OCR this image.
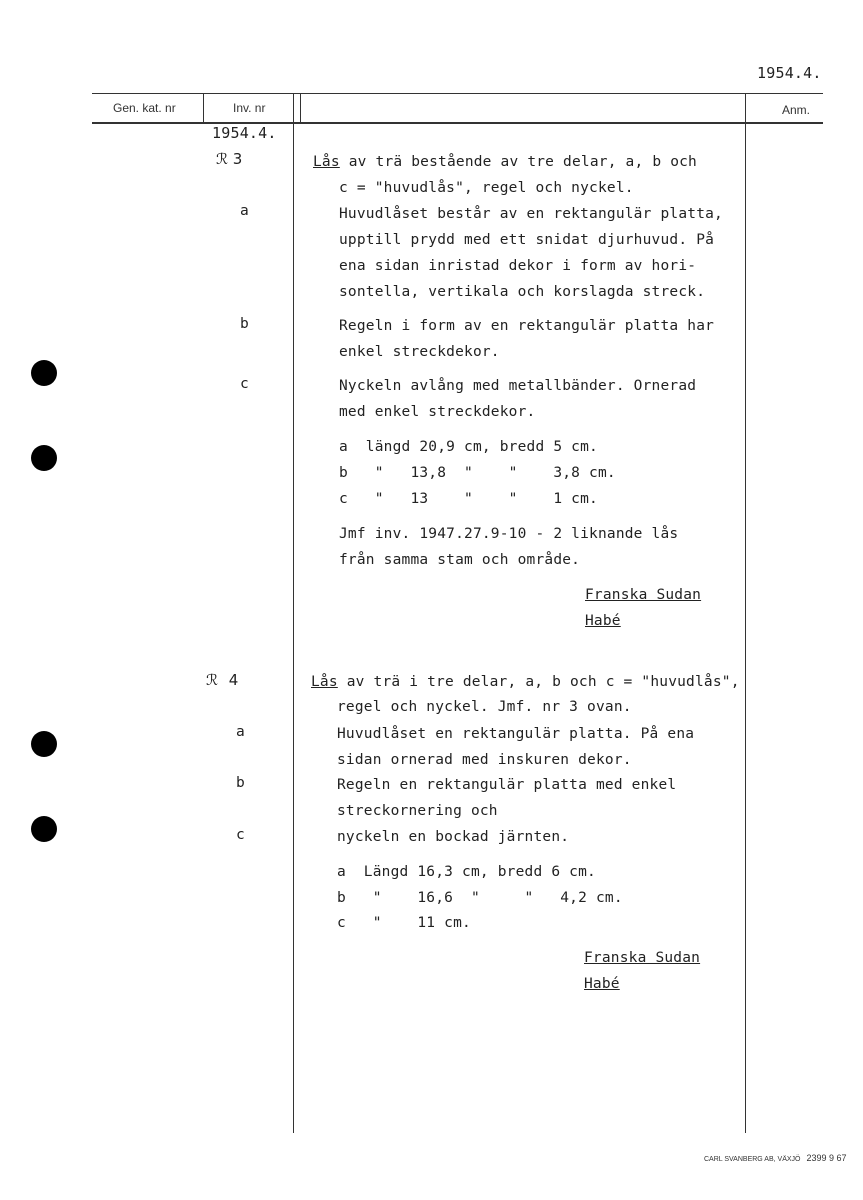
1954.4.
Gen. kat. nr	Inv. nr	Anm.
1954.4.
ℛ 3
a
b
c
Lås av trä bestående av tre delar, a, b och
c = "huvudlås", regel och nyckel.
Huvudlåset består av en rektangulär platta,
upptill prydd med ett snidat djurhuvud. På
ena sidan inristad dekor i form av hori-
sontella, vertikala och korslagda streck.
Regeln i form av en rektangulär platta har
enkel streckdekor.
Nyckeln avlång med metallbänder. Ornerad
med enkel streckdekor.
a  längd 20,9 cm, bredd 5 cm.
b   "   13,8  "    "    3,8 cm.
c   "   13    "    "    1 cm.
Jmf inv. 1947.27.9-10 - 2 liknande lås
från samma stam och område.
Franska Sudan
Habé
ℛ 4
a
b
c
Lås av trä i tre delar, a, b och c = "huvudlås",
regel och nyckel. Jmf. nr 3 ovan.
Huvudlåset en rektangulär platta. På ena
sidan ornerad med inskuren dekor.
Regeln en rektangulär platta med enkel
streckornering och
nyckeln en bockad järnten.
a  Längd 16,3 cm, bredd 6 cm.
b   "    16,6  "     "   4,2 cm.
c   "    11 cm.
Franska Sudan
Habé
CARL SVANBERG AB, VÄXJÖ 2399 9 67
